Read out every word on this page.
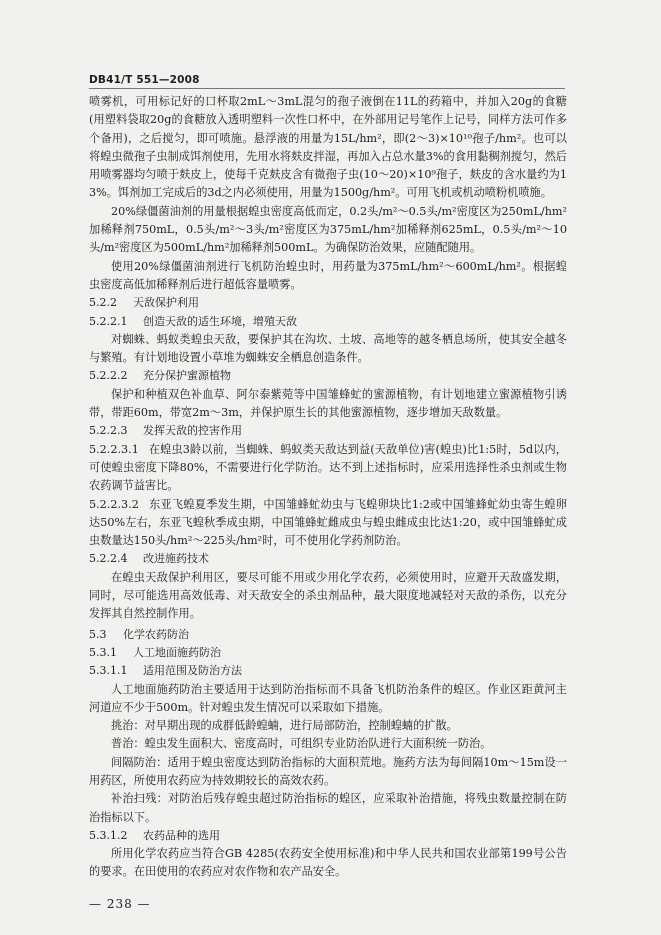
DB41/T 551—2008

喷雾机，可用标记好的口杯取2mL～3mL混匀的孢子液倒在11L的药箱中，并加入20g的食糖(用塑料袋取20g的食糖放入透明塑料一次性口杯中，在外部用记号笔作上记号，同样方法可作多个备用)，之后搅匀，即可喷施。悬浮液的用量为15L/hm²，即(2～3)×10¹⁰孢子/hm²。也可以将蝗虫微孢子虫制成饵剂使用，先用水将麸皮拌湿，再加入占总水量3%的食用黏稠剂搅匀，然后用喷雾器均匀喷于麸皮上，使每千克麸皮含有微孢子虫(10～20)×10⁹孢子，麸皮的含水量约为13%。饵剂加工完成后的3d之内必须使用，用量为1500g/hm²。可用飞机或机动喷粉机喷施。

20%绿僵菌油剂的用量根据蝗虫密度高低而定，0.2头/m²～0.5头/m²密度区为250mL/hm²加稀释剂750mL，0.5头/m²～3头/m²密度区为375mL/hm²加稀释剂625mL，0.5头/m²～10头/m²密度区为500mL/hm²加稀释剂500mL。为确保防治效果，应随配随用。

使用20%绿僵菌油剂进行飞机防治蝗虫时，用药量为375mL/hm²～600mL/hm²。根据蝗虫密度高低加稀释剂后进行超低容量喷雾。

5.2.2 天敌保护利用

5.2.2.1 创造天敌的适生环境，增殖天敌

对蜘蛛、蚂蚁类蝗虫天敌，要保护其在沟坎、土坡、高地等的越冬栖息场所，使其安全越冬与繁殖。有计划地设置小草堆为蜘蛛安全栖息创造条件。

5.2.2.2 充分保护蜜源植物

保护和种植双色补血草、阿尔泰紫菀等中国雏蜂虻的蜜源植物，有计划地建立蜜源植物引诱带，带距60m，带宽2m～3m，并保护原生长的其他蜜源植物，逐步增加天敌数量。

5.2.2.3 发挥天敌的控害作用

5.2.2.3.1 在蝗虫3龄以前，当蜘蛛、蚂蚁类天敌达到益(天敌单位)害(蝗虫)比1:5时，5d以内，可使蝗虫密度下降80%，不需要进行化学防治。达不到上述指标时，应采用选择性杀虫剂或生物农药调节益害比。

5.2.2.3.2 东亚飞蝗夏季发生期，中国雏蜂虻幼虫与飞蝗卵块比1:2或中国雏蜂虻幼虫寄生蝗卵达50%左右，东亚飞蝗秋季成虫期，中国雏蜂虻雌成虫与蝗虫雌成虫比达1:20，或中国雏蜂虻成虫数量达150头/hm²～225头/hm²时，可不使用化学药剂防治。

5.2.2.4 改进施药技术

在蝗虫天敌保护利用区，要尽可能不用或少用化学农药，必须使用时，应避开天敌盛发期，同时，尽可能选用高效低毒、对天敌安全的杀虫剂品种，最大限度地减轻对天敌的杀伤，以充分发挥其自然控制作用。

5.3 化学农药防治

5.3.1 人工地面施药防治

5.3.1.1 适用范围及防治方法

人工地面施药防治主要适用于达到防治指标而不具备飞机防治条件的蝗区。作业区距黄河主河道应不少于500m。针对蝗虫发生情况可以采取如下措施。

挑治：对早期出现的成群低龄蝗蝻，进行局部防治，控制蝗蝻的扩散。

普治：蝗虫发生面积大、密度高时，可组织专业防治队进行大面积统一防治。

间隔防治：适用于蝗虫密度达到防治指标的大面积荒地。施药方法为每间隔10m～15m设一用药区，所使用农药应为持效期较长的高效农药。

补治扫残：对防治后残存蝗虫超过防治指标的蝗区，应采取补治措施，将残虫数量控制在防治指标以下。

5.3.1.2 农药品种的选用

所用化学农药应当符合GB 4285(农药安全使用标准)和中华人民共和国农业部第199号公告的要求。在田使用的农药应对农作物和农产品安全。

— 238 —
